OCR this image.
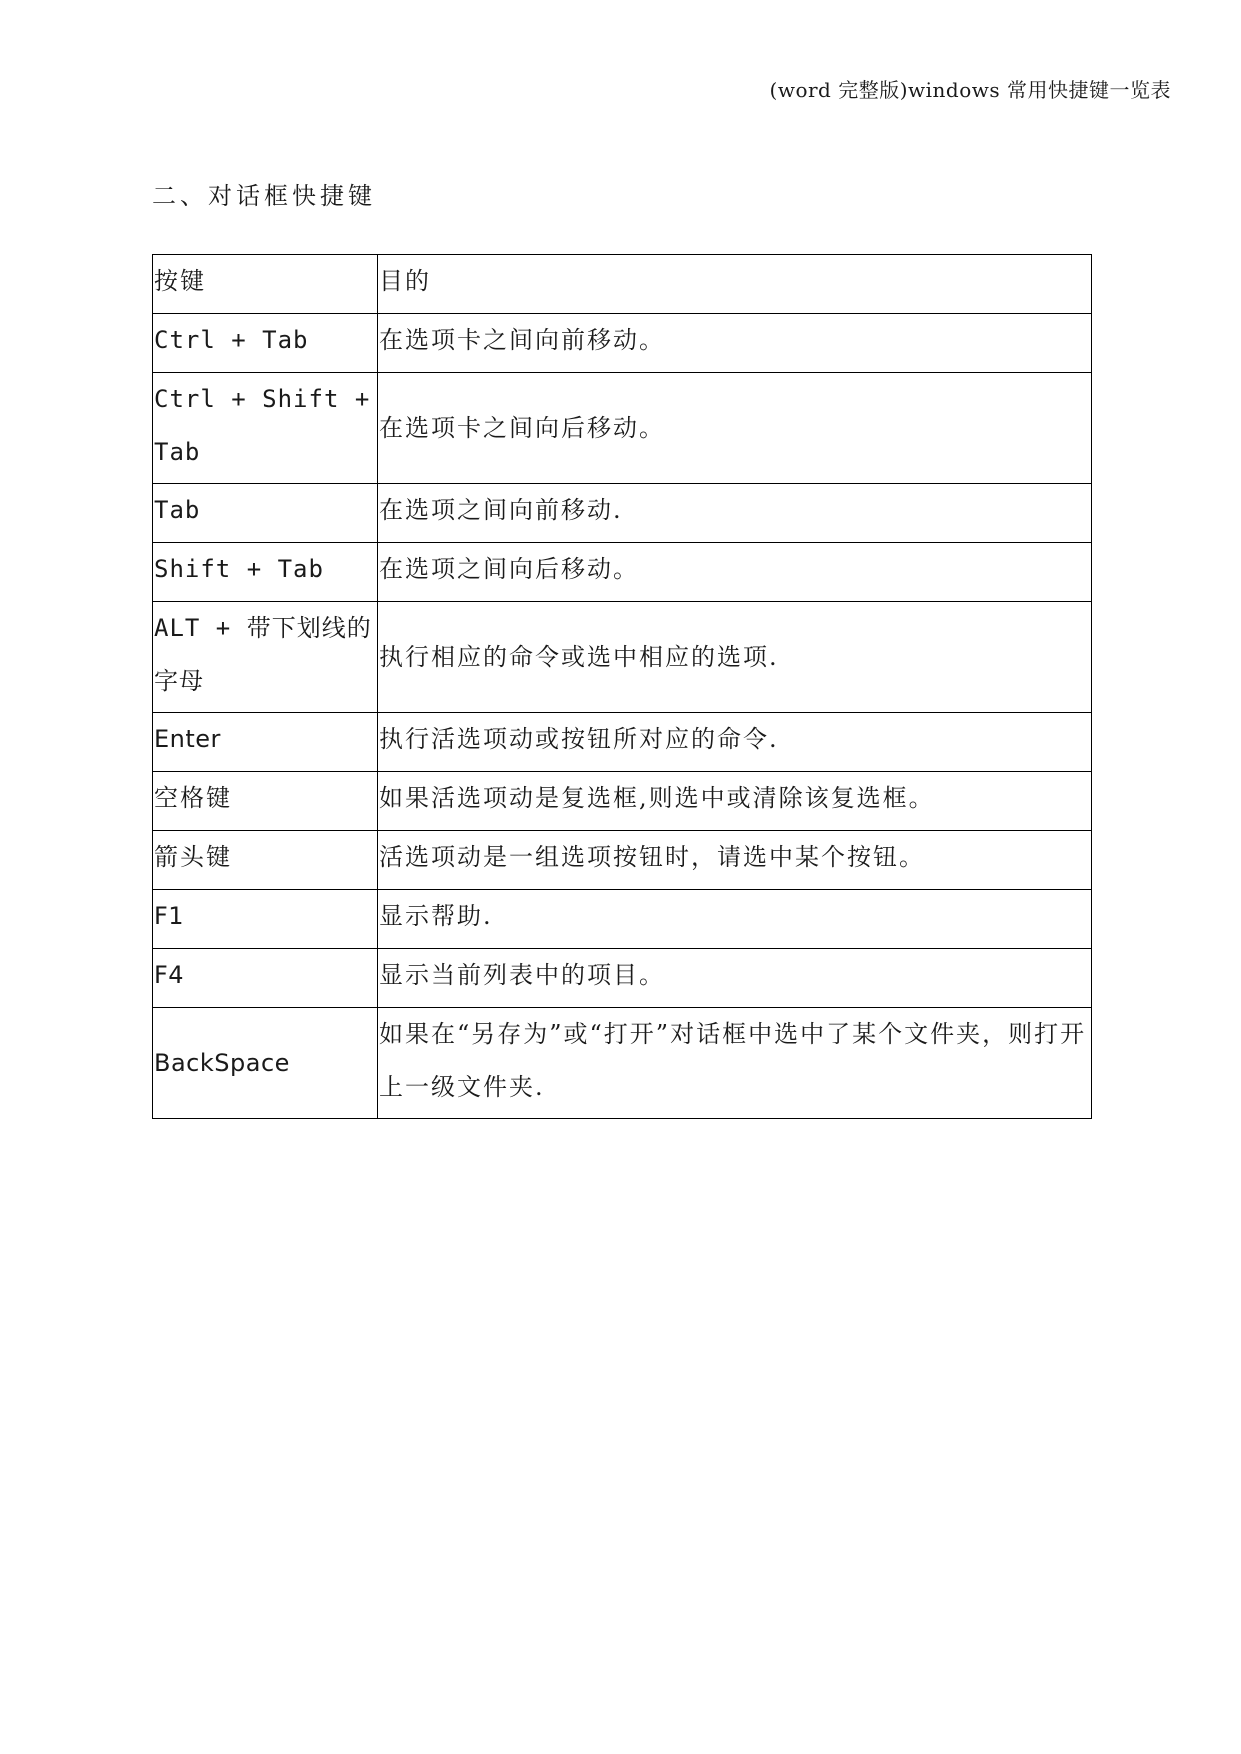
(word 完整版)windows 常用快捷键一览表
二、对话框快捷键
按键	目的
Ctrl + Tab	在选项卡之间向前移动。
Ctrl + Shift +Tab	在选项卡之间向后移动。
Tab	在选项之间向前移动.
Shift + Tab	在选项之间向后移动。
ALT + 带下划线的字母	执行相应的命令或选中相应的选项.
Enter	执行活选项动或按钮所对应的命令.
空格键	如果活选项动是复选框,则选中或清除该复选框。
箭头键	活选项动是一组选项按钮时，请选中某个按钮。
F1	显示帮助.
F4	显示当前列表中的项目。
BackSpace	如果在“另存为”或“打开”对话框中选中了某个文件夹，则打开上一级文件夹.
